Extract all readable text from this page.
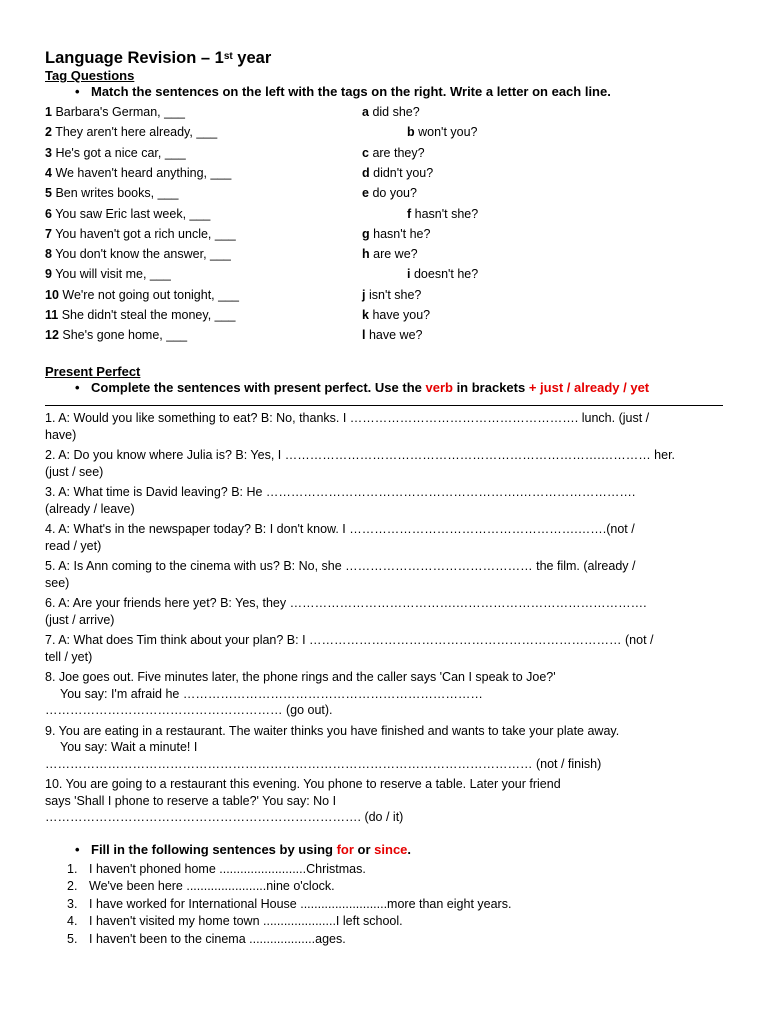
Language Revision – 1st year
Tag Questions
• Match the sentences on the left with the tags on the right. Write a letter on each line.
1 Barbara's German, ___	a did she?
2 They aren't here already, ___	b won't you?
3 He's got a nice car, ___	c are they?
4 We haven't heard anything, ___	d didn't you?
5 Ben writes books, ___	e do you?
6 You saw Eric last week, ___	f hasn't she?
7 You haven't got a rich uncle, ___	g hasn't he?
8 You don't know the answer, ___	h are we?
9 You will visit me, ___	i doesn't he?
10 We're not going out tonight, ___	j isn't she?
11 She didn't steal the money, ___	k have you?
12 She's gone home, ___	l have we?
Present Perfect
• Complete the sentences with present perfect. Use the verb in brackets + just / already / yet
1. A: Would you like something to eat? B: No, thanks. I ………………………………………………. lunch. (just /
have)
2. A: Do you know where Julia is? B: Yes, I ………………………………………………………………….………… her.
(just / see)
3. A: What time is David leaving? B: He …………………………………………………….……………………….
(already / leave)
4. A: What's in the newspaper today? B: I don't know. I ……………………………………………….…….(not /
read / yet)
5. A: Is Ann coming to the cinema with us? B: No, she ……………………………………… the film. (already /
see)
6. A: Are your friends here yet? B: Yes, they ………………………………….……………………………………….
(just / arrive)
7. A: What does Tim think about your plan? B: I ………………………………………………………………… (not /
tell / yet)
8. Joe goes out. Five minutes later, the phone rings and the caller says 'Can I speak to Joe?'
You say: I'm afraid he ………………………………………………………………
………………………………………………… (go out).
9. You are eating in a restaurant. The waiter thinks you have finished and wants to take your plate away.
You say: Wait a minute! I
……………………………………………………………………………………………………… (not / finish)
10. You are going to a restaurant this evening. You phone to reserve a table. Later your friend
says 'Shall I phone to reserve a table?' You say: No I
…………………………………………………………………. (do / it)
• Fill in the following sentences by using for or since.
1. I haven't phoned home .........................Christmas.
2. We've been here .......................nine o'clock.
3. I have worked for International House .........................more than eight years.
4. I haven't visited my home town .....................I left school.
5. I haven't been to the cinema ...................ages.
